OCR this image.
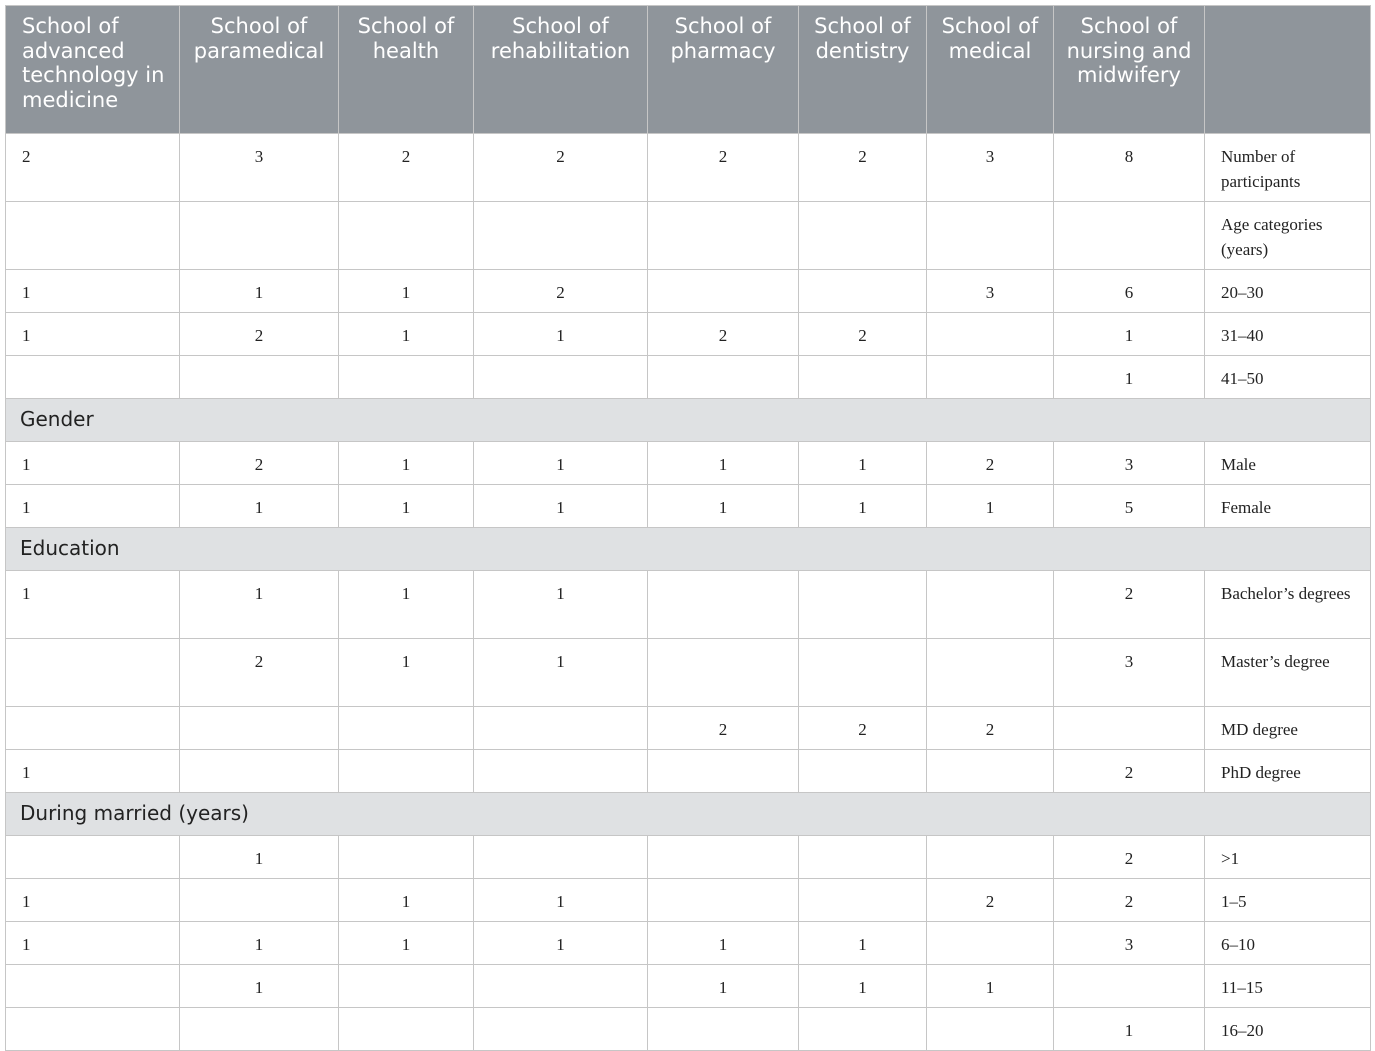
School of advanced technology in medicine	School of paramedical	School of health	School of rehabilitation	School of pharmacy	School of dentistry	School of medical	School of nursing and midwifery	
2	3	2	2	2	2	3	8	Number of participants
								Age categories (years)
1	1	1	2			3	6	20–30
1	2	1	1	2	2		1	31–40
							1	41–50
Gender								
1	2	1	1	1	1	2	3	Male
1	1	1	1	1	1	1	5	Female
Education								
1	1	1	1				2	Bachelor’s degrees
	2	1	1				3	Master’s degree
				2	2	2		MD degree
1							2	PhD degree
During married (years)								
	1						2	>1
1		1	1			2	2	1–5
1	1	1	1	1	1		3	6–10
	1			1	1	1		11–15
							1	16–20
